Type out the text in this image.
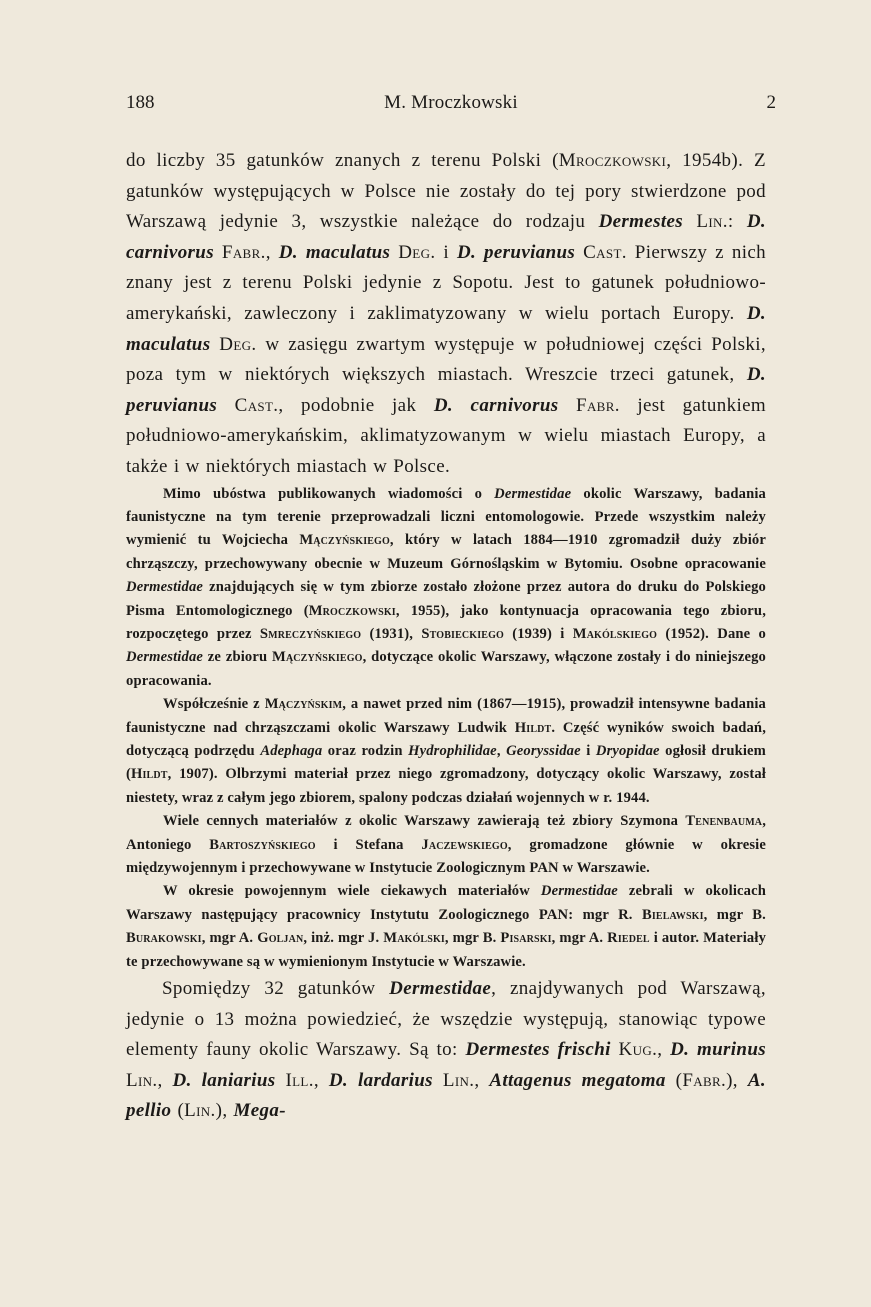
188	M. Mroczkowski	2

do liczby 35 gatunków znanych z terenu Polski (Mroczkowski, 1954b). Z gatunków występujących w Polsce nie zostały do tej pory stwierdzone pod Warszawą jedynie 3, wszystkie należące do rodzaju Dermestes Lin.: D. carnivorus Fabr., D. maculatus Deg. i D. peruvianus Cast. Pierwszy z nich znany jest z terenu Polski jedynie z Sopotu. Jest to gatunek południowo-amerykański, zawleczony i zaklimatyzowany w wielu portach Europy. D. maculatus Deg. w zasięgu zwartym występuje w południowej części Polski, poza tym w niektórych większych miastach. Wreszcie trzeci gatunek, D. peruvianus Cast., podobnie jak D. carnivorus Fabr. jest gatunkiem południowo-amerykańskim, aklimatyzowanym w wielu miastach Europy, a także i w niektórych miastach w Polsce.

Mimo ubóstwa publikowanych wiadomości o Dermestidae okolic Warszawy, badania faunistyczne na tym terenie przeprowadzali liczni entomologowie. Przede wszystkim należy wymienić tu Wojciecha Mączyńskiego, który w latach 1884—1910 zgromadził duży zbiór chrząszczy, przechowywany obecnie w Muzeum Górnośląskim w Bytomiu. Osobne opracowanie Dermestidae znajdujących się w tym zbiorze zostało złożone przez autora do druku do Polskiego Pisma Entomologicznego (Mroczkowski, 1955), jako kontynuacja opracowania tego zbioru, rozpoczętego przez Smreczyńskiego (1931), Stobieckiego (1939) i Makólskiego (1952). Dane o Dermestidae ze zbioru Mączyńskiego, dotyczące okolic Warszawy, włączone zostały i do niniejszego opracowania.

Współcześnie z Mączyńskim, a nawet przed nim (1867—1915), prowadził intensywne badania faunistyczne nad chrząszczami okolic Warszawy Ludwik Hildt. Część wyników swoich badań, dotyczącą podrzędu Adephaga oraz rodzin Hydrophilidae, Georyssidae i Dryopidae ogłosił drukiem (Hildt, 1907). Olbrzymi materiał przez niego zgromadzony, dotyczący okolic Warszawy, został niestety, wraz z całym jego zbiorem, spalony podczas działań wojennych w r. 1944.

Wiele cennych materiałów z okolic Warszawy zawierają też zbiory Szymona Tenenbauma, Antoniego Bartoszyńskiego i Stefana Jaczewskiego, gromadzone głównie w okresie międzywojennym i przechowywane w Instytucie Zoologicznym PAN w Warszawie.

W okresie powojennym wiele ciekawych materiałów Dermestidae zebrali w okolicach Warszawy następujący pracownicy Instytutu Zoologicznego PAN: mgr R. Bielawski, mgr B. Burakowski, mgr A. Goljan, inż. mgr J. Makólski, mgr B. Pisarski, mgr A. Riedel i autor. Materiały te przechowywane są w wymienionym Instytucie w Warszawie.

Spomiędzy 32 gatunków Dermestidae, znajdywanych pod Warszawą, jedynie o 13 można powiedzieć, że wszędzie występują, stanowiąc typowe elementy fauny okolic Warszawy. Są to: Dermestes frischi Kug., D. murinus Lin., D. laniarius Ill., D. lardarius Lin., Attagenus megatoma (Fabr.), A. pellio (Lin.), Mega-
